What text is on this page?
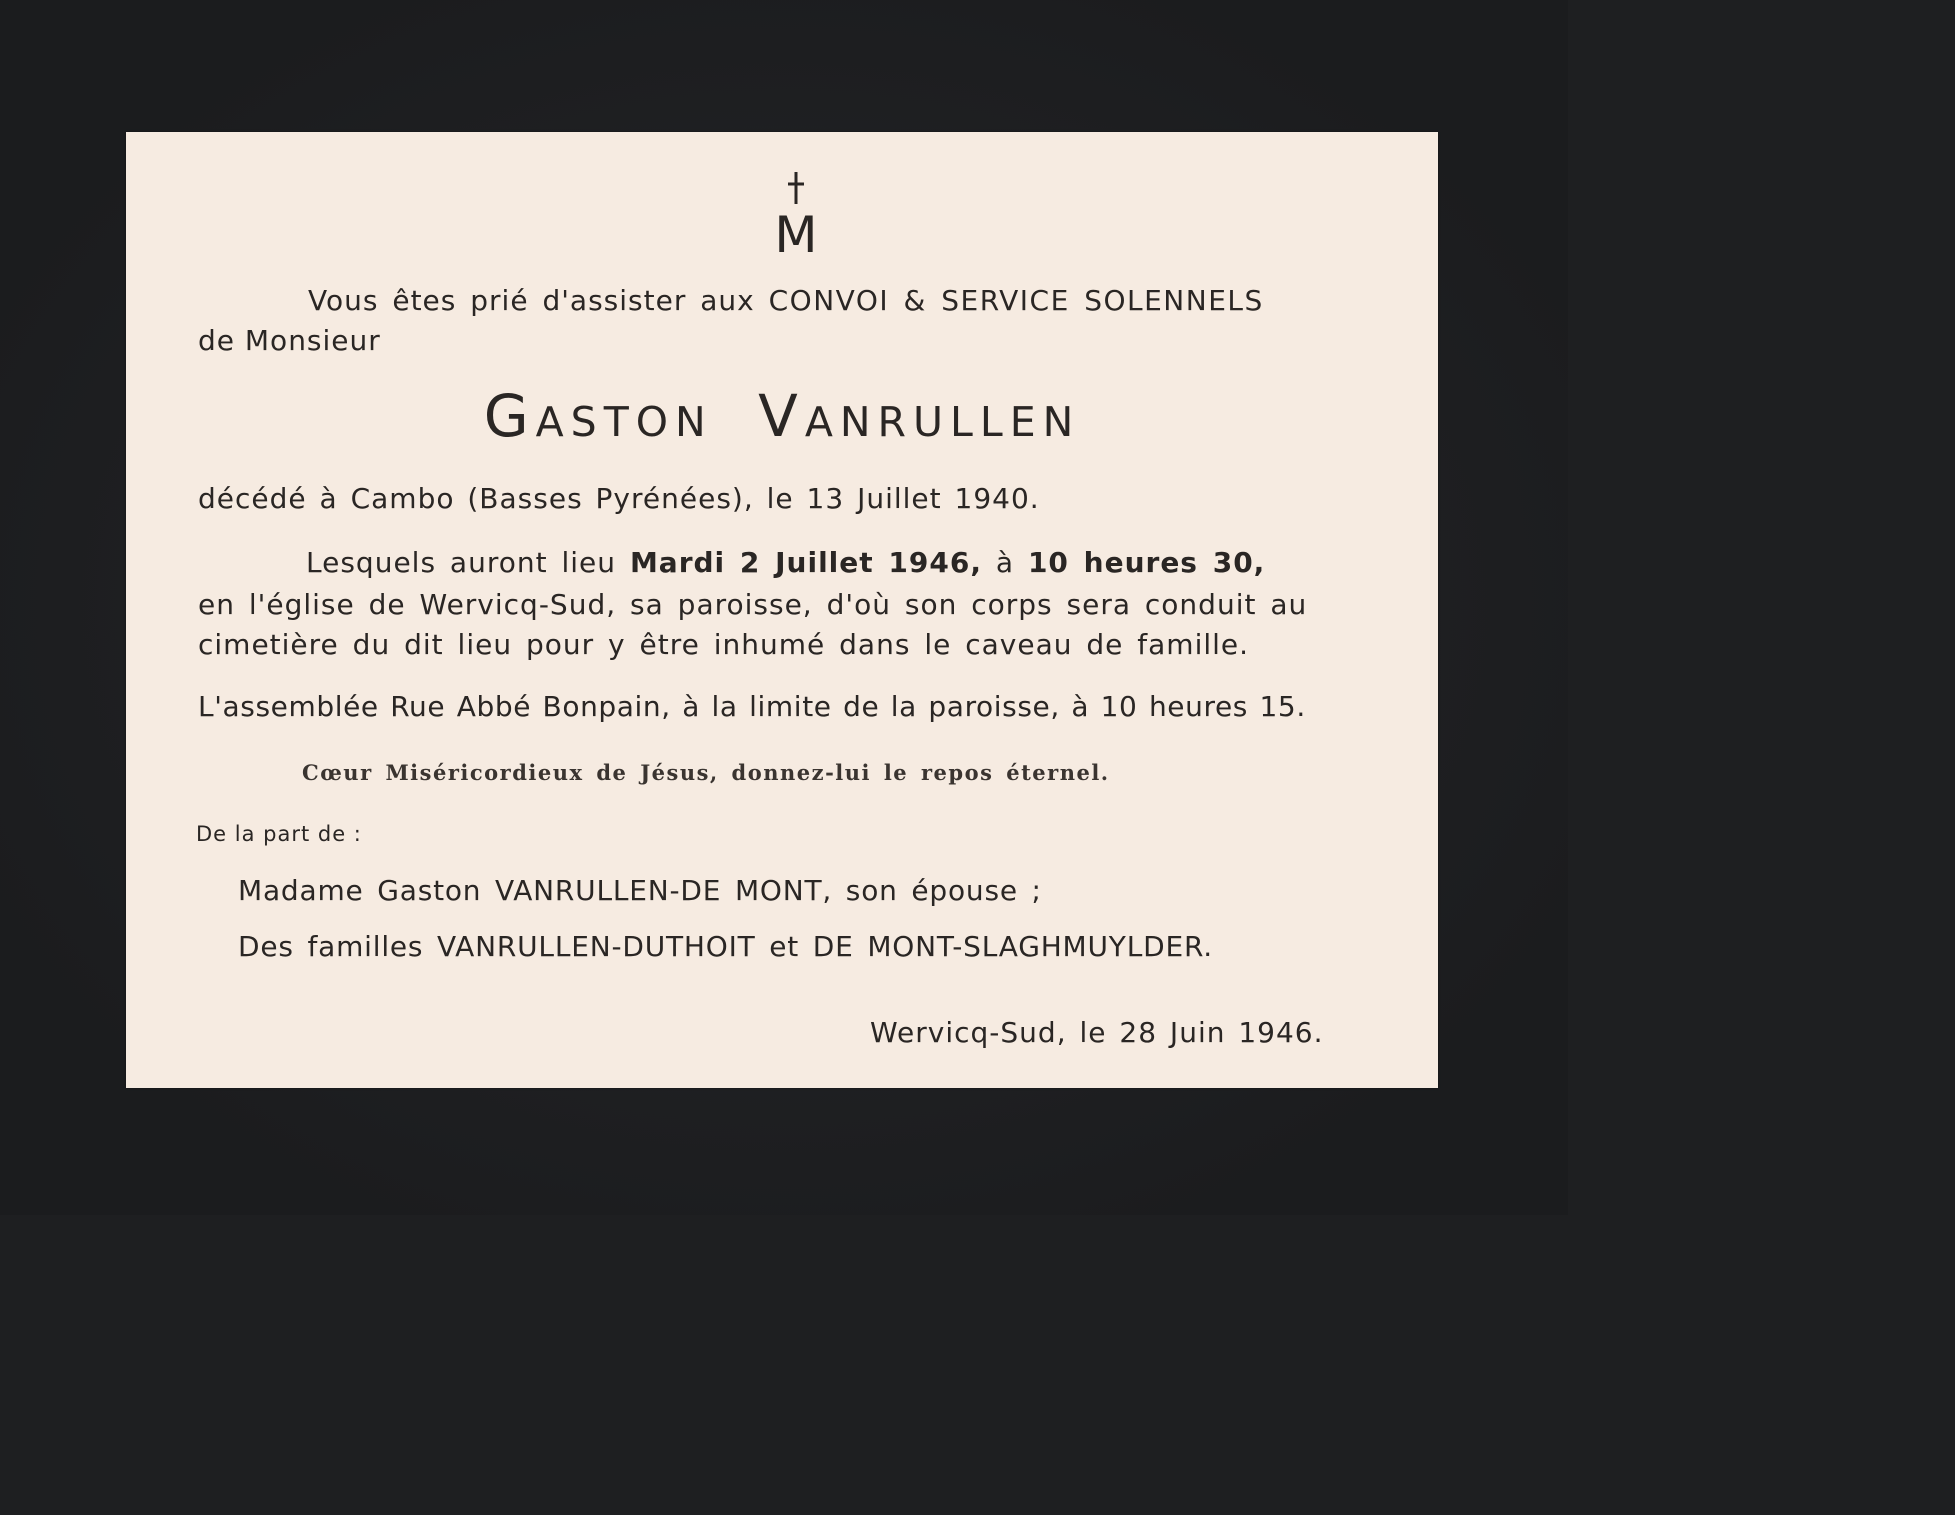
M

Vous êtes prié d'assister aux CONVOI & SERVICE SOLENNELS

de Monsieur

Gaston Vanrullen

décédé à Cambo (Basses Pyrénées), le 13 Juillet 1940.

Lesquels auront lieu Mardi 2 Juillet 1946, à 10 heures 30,

en l'église de Wervicq-Sud, sa paroisse, d'où son corps sera conduit au

cimetière du dit lieu pour y être inhumé dans le caveau de famille.

L'assemblée Rue Abbé Bonpain, à la limite de la paroisse, à 10 heures 15.

Cœur Miséricordieux de Jésus, donnez-lui le repos éternel.

De la part de :

Madame Gaston VANRULLEN-DE MONT, son épouse ;

Des familles VANRULLEN-DUTHOIT et DE MONT-SLAGHMUYLDER.

Wervicq-Sud, le 28 Juin 1946.
